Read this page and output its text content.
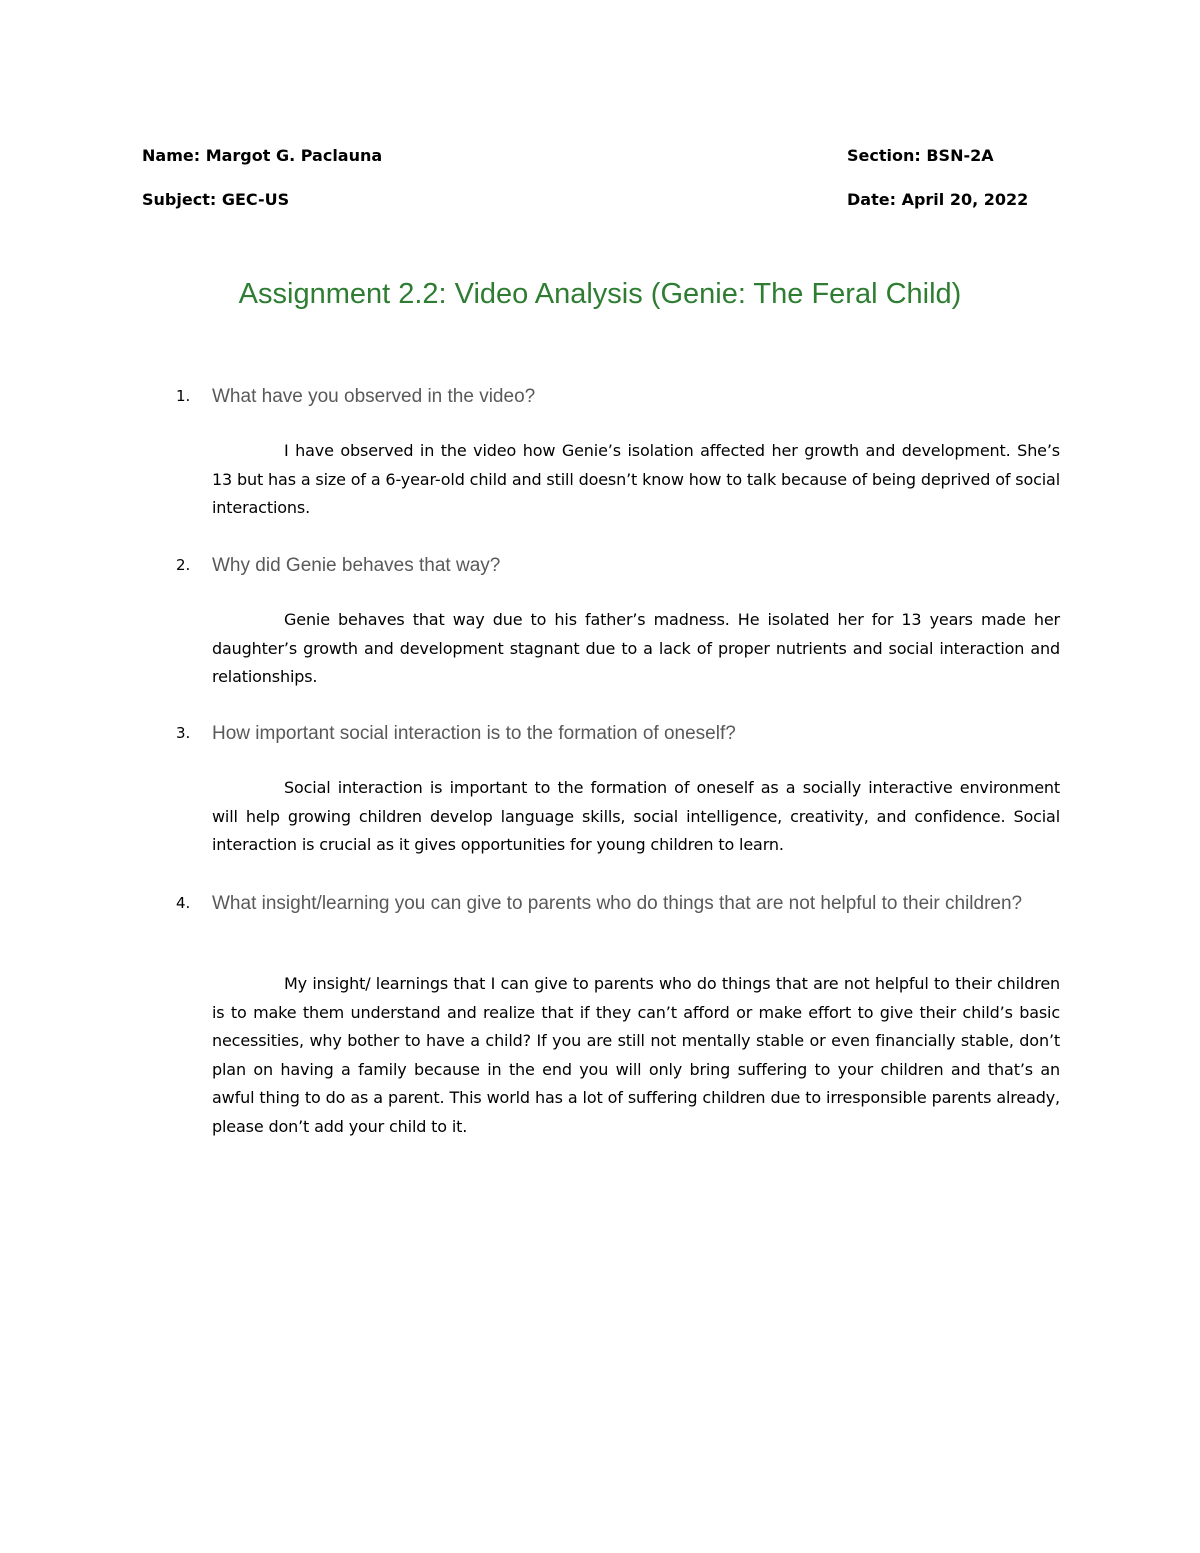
Name: Margot G. Paclauna	Section: BSN-2A
Subject: GEC-US	Date: April 20, 2022
Assignment 2.2: Video Analysis (Genie: The Feral Child)
1. What have you observed in the video?
I have observed in the video how Genie’s isolation affected her growth and development. She’s 13 but has a size of a 6-year-old child and still doesn’t know how to talk because of being deprived of social interactions.
2. Why did Genie behaves that way?
Genie behaves that way due to his father’s madness. He isolated her for 13 years made her daughter’s growth and development stagnant due to a lack of proper nutrients and social interaction and relationships.
3. How important social interaction is to the formation of oneself?
Social interaction is important to the formation of oneself as a socially interactive environment will help growing children develop language skills, social intelligence, creativity, and confidence. Social interaction is crucial as it gives opportunities for young children to learn.
4. What insight/learning you can give to parents who do things that are not helpful to their children?
My insight/ learnings that I can give to parents who do things that are not helpful to their children is to make them understand and realize that if they can’t afford or make effort to give their child’s basic necessities, why bother to have a child? If you are still not mentally stable or even financially stable, don’t plan on having a family because in the end you will only bring suffering to your children and that’s an awful thing to do as a parent. This world has a lot of suffering children due to irresponsible parents already, please don’t add your child to it.
